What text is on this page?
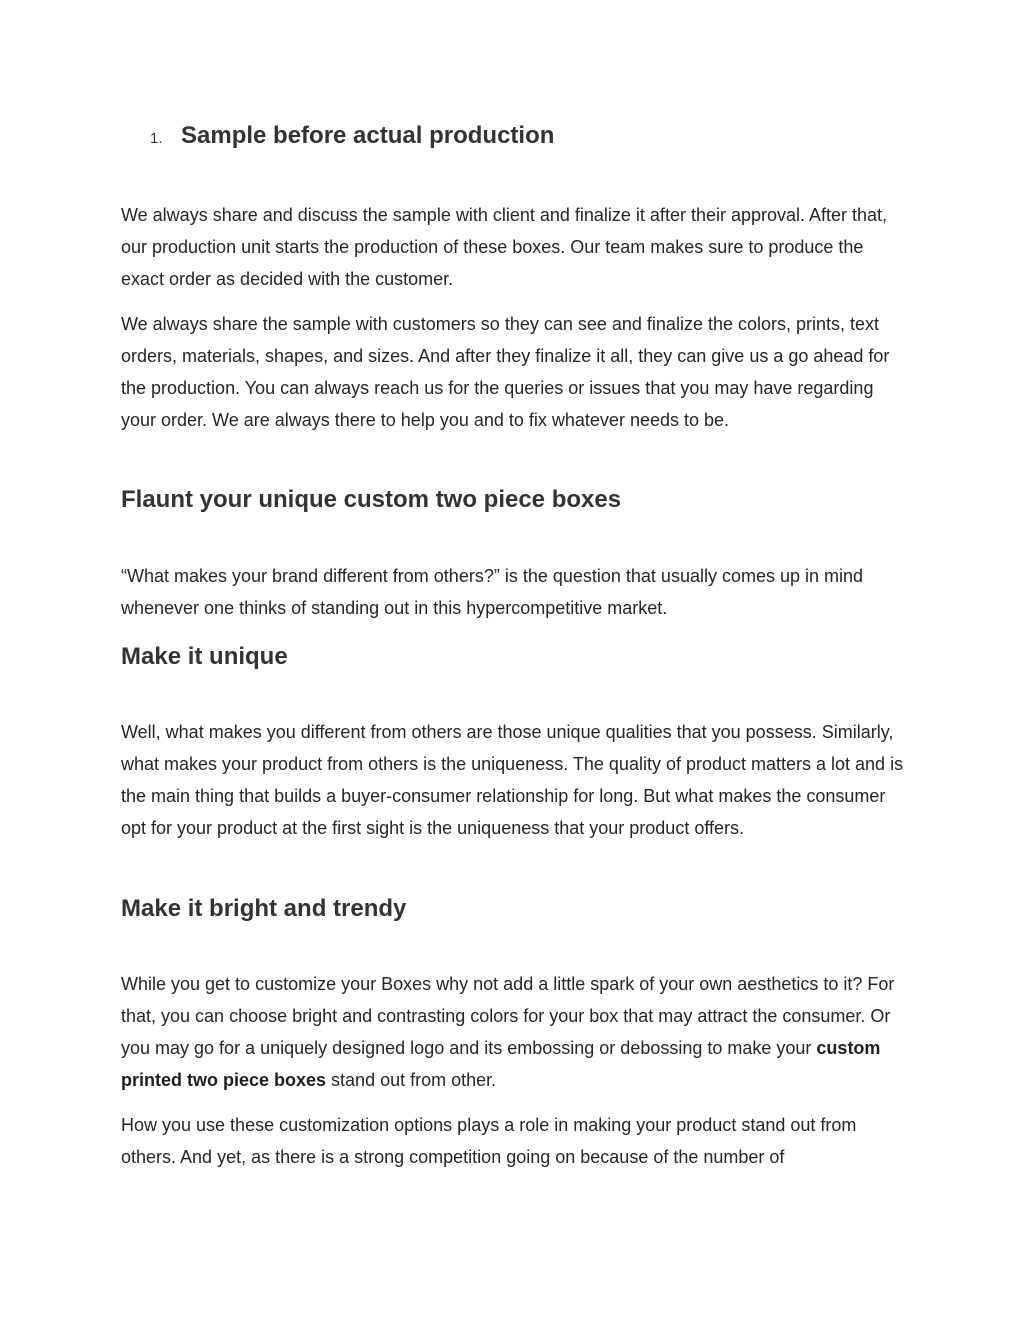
1. Sample before actual production

We always share and discuss the sample with client and finalize it after their approval. After that, our production unit starts the production of these boxes. Our team makes sure to produce the exact order as decided with the customer.

We always share the sample with customers so they can see and finalize the colors, prints, text orders, materials, shapes, and sizes. And after they finalize it all, they can give us a go ahead for the production. You can always reach us for the queries or issues that you may have regarding your order. We are always there to help you and to fix whatever needs to be.

Flaunt your unique custom two piece boxes

“What makes your brand different from others?” is the question that usually comes up in mind whenever one thinks of standing out in this hypercompetitive market.

Make it unique

Well, what makes you different from others are those unique qualities that you possess. Similarly, what makes your product from others is the uniqueness. The quality of product matters a lot and is the main thing that builds a buyer-consumer relationship for long. But what makes the consumer opt for your product at the first sight is the uniqueness that your product offers.

Make it bright and trendy

While you get to customize your Boxes why not add a little spark of your own aesthetics to it? For that, you can choose bright and contrasting colors for your box that may attract the consumer. Or you may go for a uniquely designed logo and its embossing or debossing to make your custom printed two piece boxes stand out from other.

How you use these customization options plays a role in making your product stand out from others. And yet, as there is a strong competition going on because of the number of
